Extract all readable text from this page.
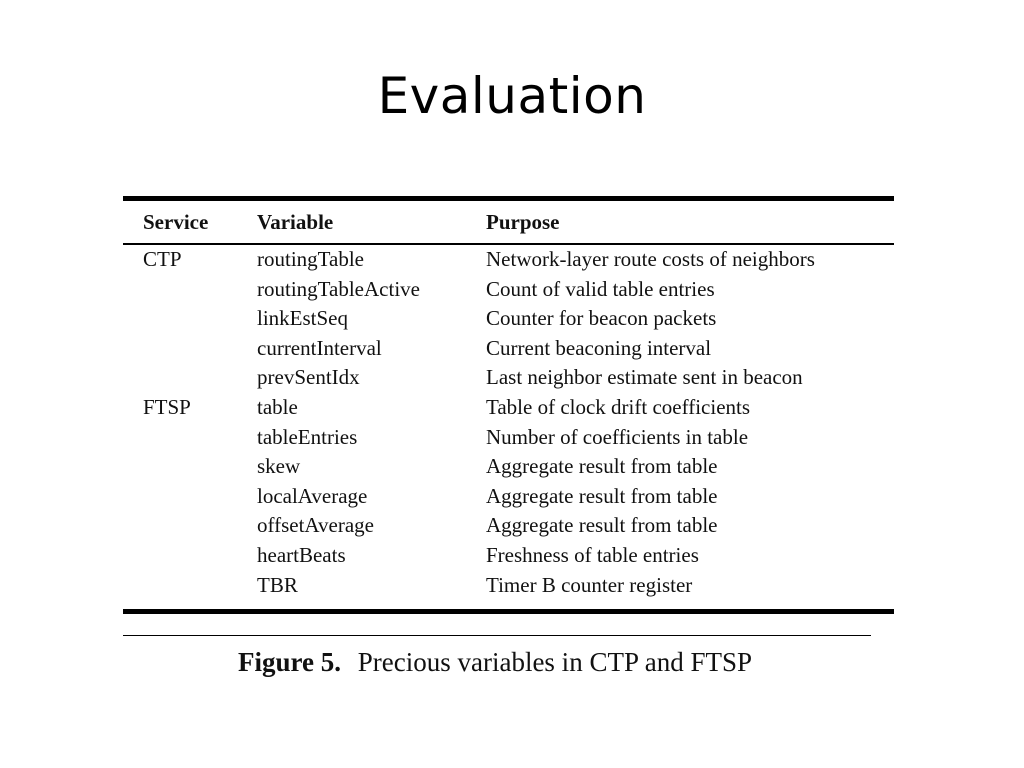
Evaluation
Service	Variable	Purpose

CTP	routingTable	Network-layer route costs of neighbors
	routingTableActive	Count of valid table entries
	linkEstSeq	Counter for beacon packets
	currentInterval	Current beaconing interval
	prevSentIdx	Last neighbor estimate sent in beacon
FTSP	table	Table of clock drift coefficients
	tableEntries	Number of coefficients in table
	skew	Aggregate result from table
	localAverage	Aggregate result from table
	offsetAverage	Aggregate result from table
	heartBeats	Freshness of table entries
	TBR	Timer B counter register
Figure 5. Precious variables in CTP and FTSP
